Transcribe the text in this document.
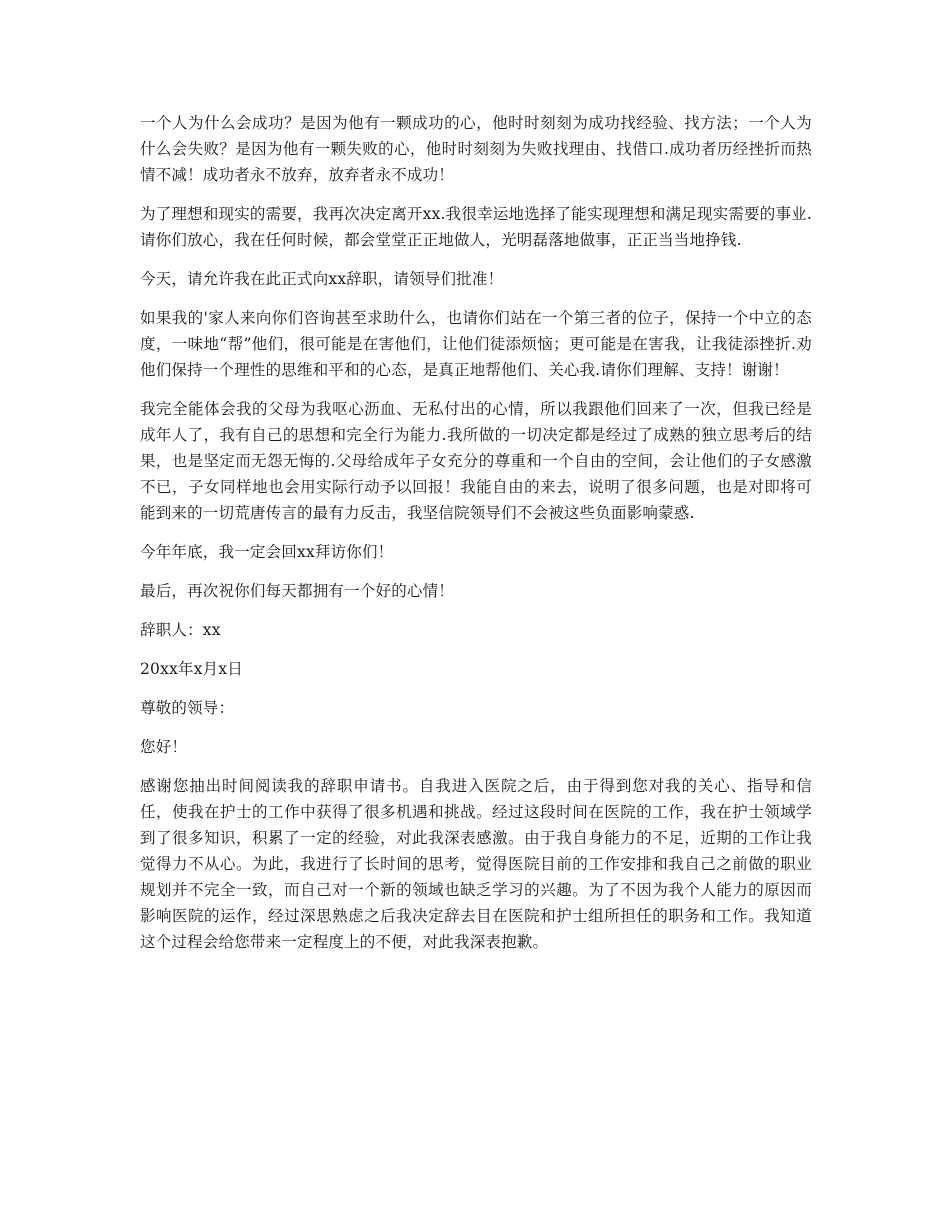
一个人为什么会成功？是因为他有一颗成功的心，他时时刻刻为成功找经验、找方法；一个人为什么会失败？是因为他有一颗失败的心，他时时刻刻为失败找理由、找借口.成功者历经挫折而热情不减！成功者永不放弃，放弃者永不成功！

为了理想和现实的需要，我再次决定离开xx.我很幸运地选择了能实现理想和满足现实需要的事业.请你们放心，我在任何时候，都会堂堂正正地做人，光明磊落地做事，正正当当地挣钱.

今天，请允许我在此正式向xx辞职，请领导们批准！

如果我的'家人来向你们咨询甚至求助什么，也请你们站在一个第三者的位子，保持一个中立的态度，一味地“帮”他们，很可能是在害他们，让他们徒添烦恼；更可能是在害我，让我徒添挫折.劝他们保持一个理性的思维和平和的心态，是真正地帮他们、关心我.请你们理解、支持！谢谢！

我完全能体会我的父母为我呕心沥血、无私付出的心情，所以我跟他们回来了一次，但我已经是成年人了，我有自己的思想和完全行为能力.我所做的一切决定都是经过了成熟的独立思考后的结果，也是坚定而无怨无悔的.父母给成年子女充分的尊重和一个自由的空间，会让他们的子女感激不已，子女同样地也会用实际行动予以回报！我能自由的来去，说明了很多问题，也是对即将可能到来的一切荒唐传言的最有力反击，我坚信院领导们不会被这些负面影响蒙惑.

今年年底，我一定会回xx拜访你们！

最后，再次祝你们每天都拥有一个好的心情！

辞职人：xx

20xx年x月x日

尊敬的领导：

您好！

感谢您抽出时间阅读我的辞职申请书。自我进入医院之后，由于得到您对我的关心、指导和信任，使我在护士的工作中获得了很多机遇和挑战。经过这段时间在医院的工作，我在护士领域学到了很多知识，积累了一定的经验，对此我深表感激。由于我自身能力的不足，近期的工作让我觉得力不从心。为此，我进行了长时间的思考，觉得医院目前的工作安排和我自己之前做的职业规划并不完全一致，而自己对一个新的领域也缺乏学习的兴趣。为了不因为我个人能力的原因而影响医院的运作，经过深思熟虑之后我决定辞去目在医院和护士组所担任的职务和工作。我知道这个过程会给您带来一定程度上的不便，对此我深表抱歉。
